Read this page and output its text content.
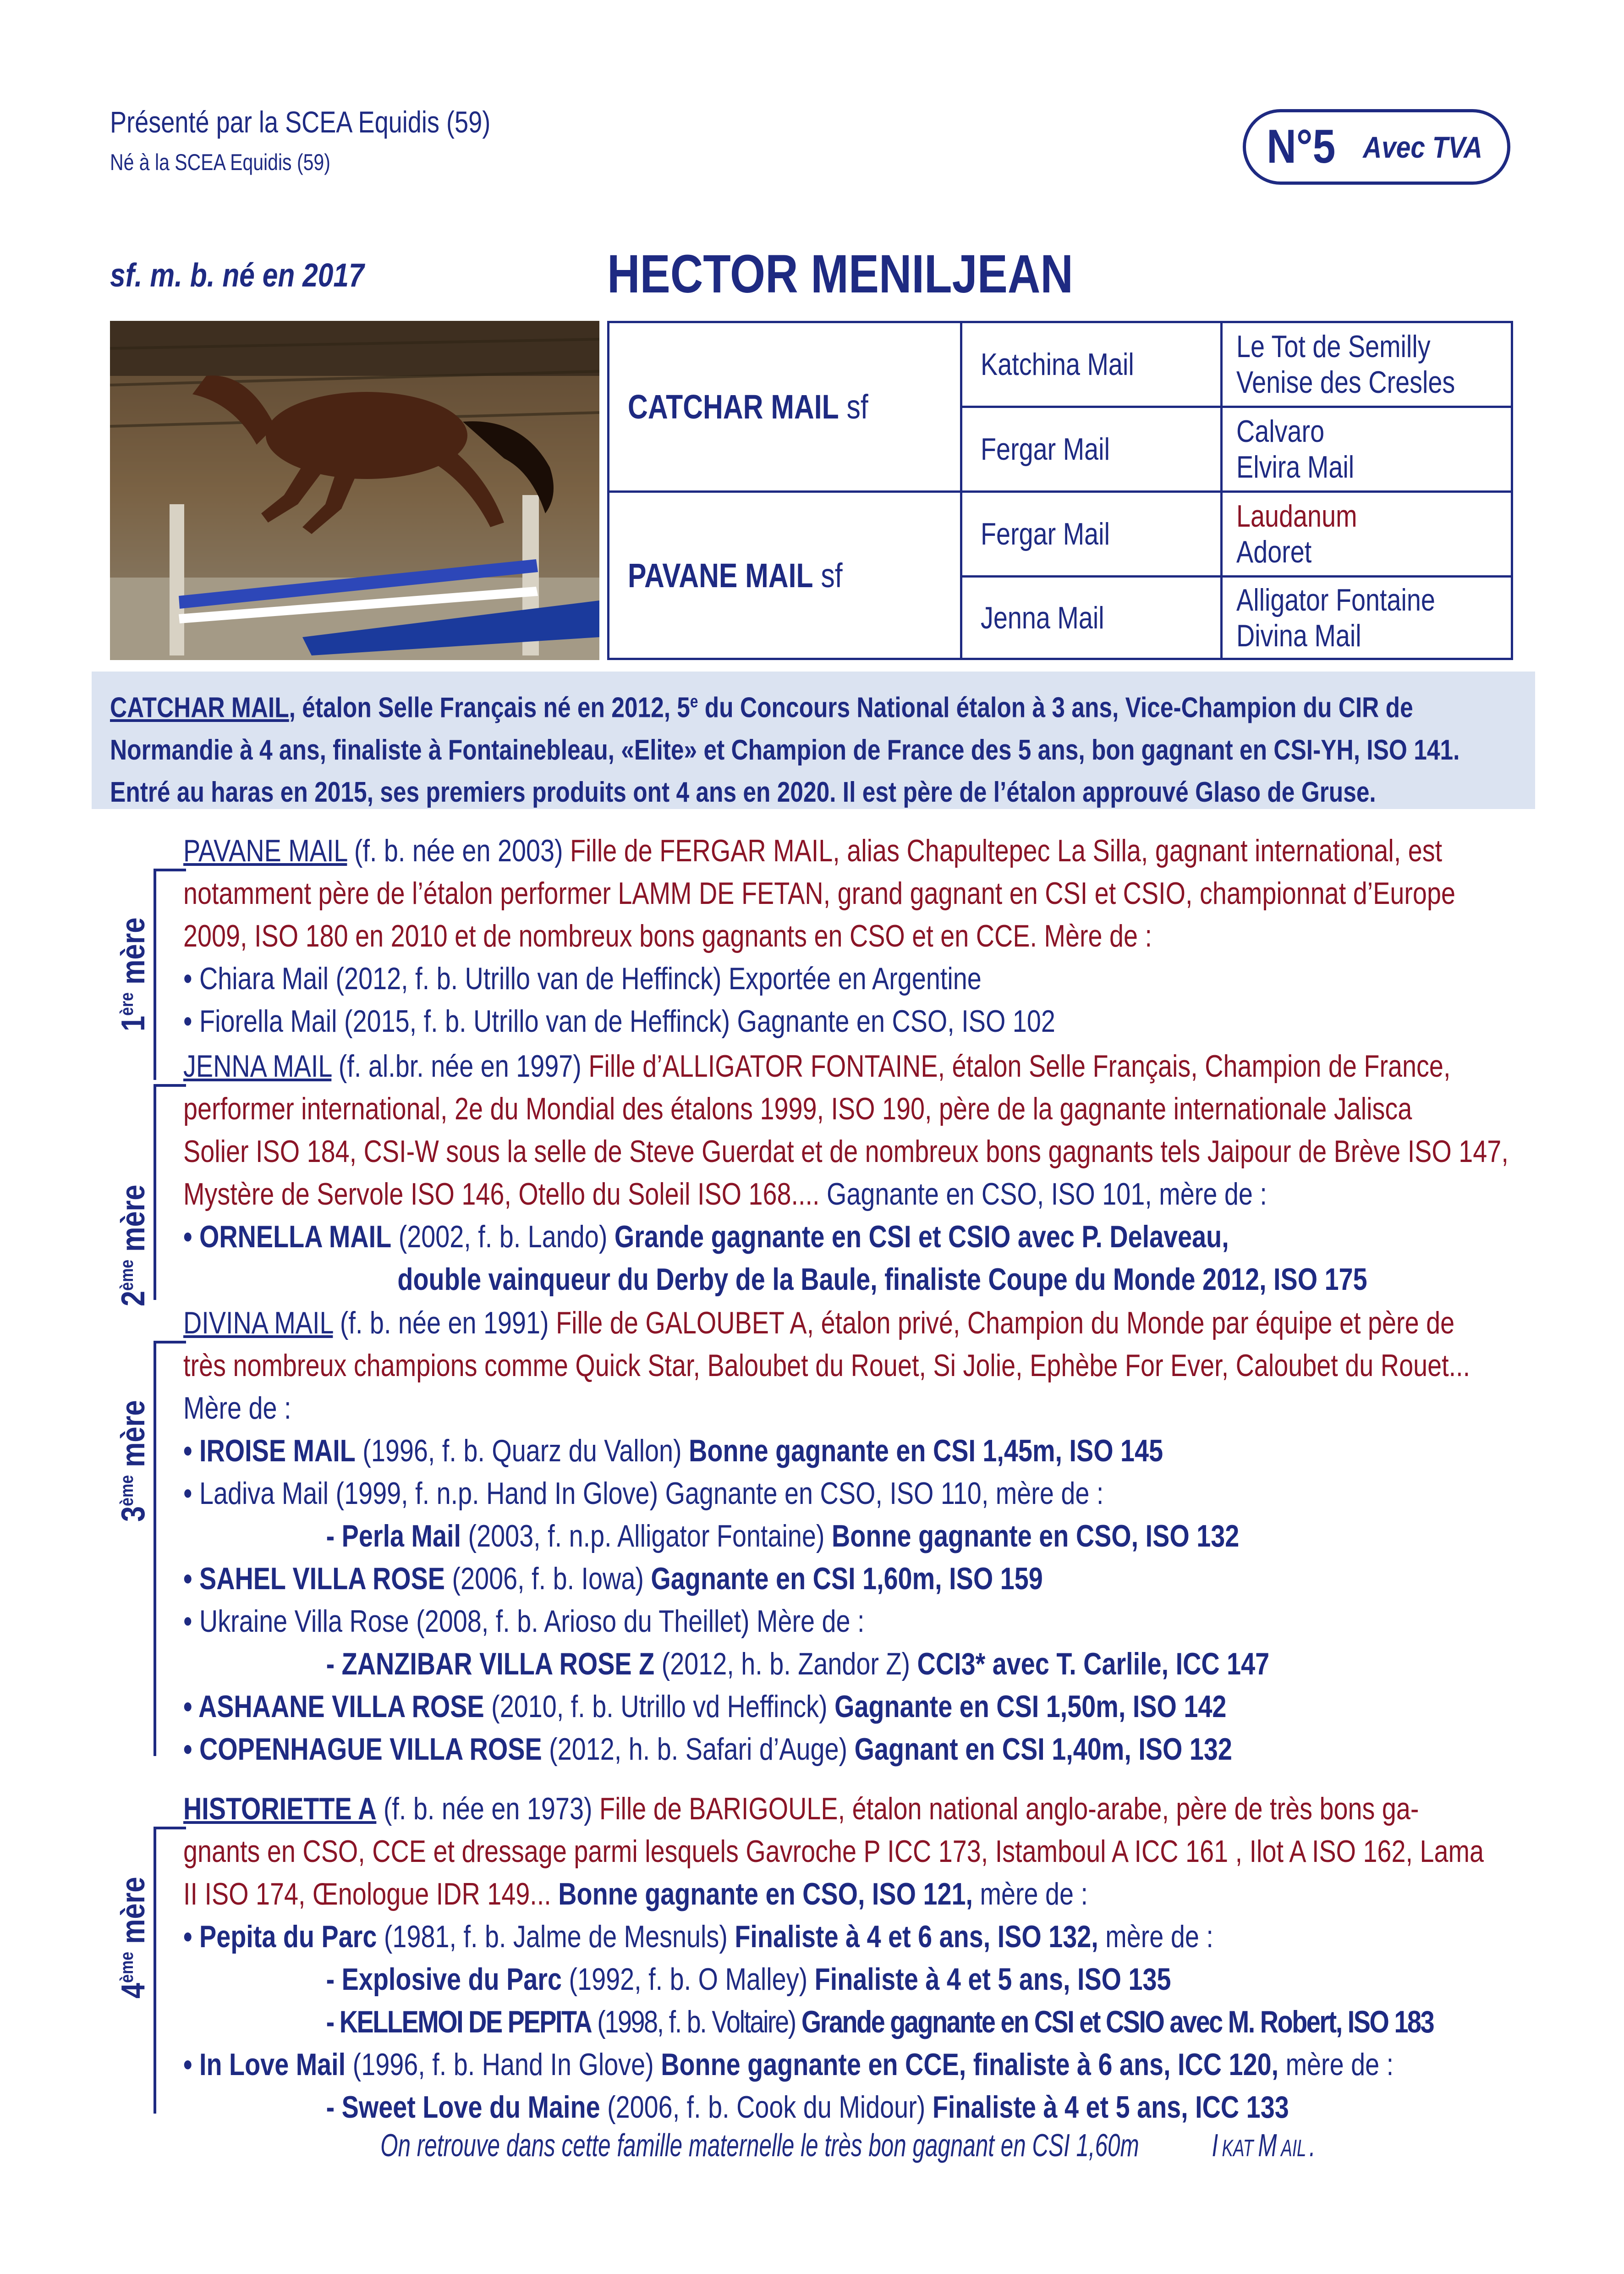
Présenté par la SCEA Equidis (59)
Né à la SCEA Equidis (59)	N°5 Avec TVA
sf. m. b. né en 2017	HECTOR MENILJEAN
CATCHAR MAIL sf
PAVANE MAIL sf
Katchina Mail
Fergar Mail
Fergar Mail
Jenna Mail
Le Tot de Semilly
Venise des Cresles
Calvaro
Elvira Mail
Laudanum
Adoret
Alligator Fontaine
Divina Mail
CATCHAR MAIL, étalon Selle Français né en 2012, 5e du Concours National étalon à 3 ans, Vice-Champion du CIR de Normandie à 4 ans, finaliste à Fontainebleau, «Elite» et Champion de France des 5 ans, bon gagnant en CSI-YH, ISO 141. Entré au haras en 2015, ses premiers produits ont 4 ans en 2020. Il est père de l’étalon approuvé Glaso de Gruse.
1ère mère
2ème mère
3ème mère
4ème mère

PAVANE MAIL (f. b. née en 2003) Fille de FERGAR MAIL, alias Chapultepec La Silla, gagnant international, est

notamment père de l’étalon performer LAMM DE FETAN, grand gagnant en CSI et CSIO, championnat d’Europe

2009, ISO 180 en 2010 et de nombreux bons gagnants en CSO et en CCE. Mère de :

• Chiara Mail (2012, f. b. Utrillo van de Heffinck) Exportée en Argentine

• Fiorella Mail (2015, f. b. Utrillo van de Heffinck) Gagnante en CSO, ISO 102

JENNA MAIL (f. al.br. née en 1997) Fille d’ALLIGATOR FONTAINE, étalon Selle Français, Champion de France,

performer international, 2e du Mondial des étalons 1999, ISO 190, père de la gagnante internationale Jalisca

Solier ISO 184, CSI-W sous la selle de Steve Guerdat et de nombreux bons gagnants tels Jaipour de Brève ISO 147,

Mystère de Servole ISO 146, Otello du Soleil ISO 168.... Gagnante en CSO, ISO 101, mère de :

• ORNELLA MAIL (2002, f. b. Lando) Grande gagnante en CSI et CSIO avec P. Delaveau,

double vainqueur du Derby de la Baule, finaliste Coupe du Monde 2012, ISO 175

DIVINA MAIL (f. b. née en 1991) Fille de GALOUBET A, étalon privé, Champion du Monde par équipe et père de

très nombreux champions comme Quick Star, Baloubet du Rouet, Si Jolie, Ephèbe For Ever, Caloubet du Rouet...

Mère de :

• IROISE MAIL (1996, f. b. Quarz du Vallon) Bonne gagnante en CSI 1,45m, ISO 145

• Ladiva Mail (1999, f. n.p. Hand In Glove) Gagnante en CSO, ISO 110, mère de :

- Perla Mail (2003, f. n.p. Alligator Fontaine) Bonne gagnante en CSO, ISO 132

• SAHEL VILLA ROSE (2006, f. b. Iowa) Gagnante en CSI 1,60m, ISO 159

• Ukraine Villa Rose (2008, f. b. Arioso du Theillet) Mère de :

- ZANZIBAR VILLA ROSE Z (2012, h. b. Zandor Z) CCI3* avec T. Carlile, ICC 147

• ASHAANE VILLA ROSE (2010, f. b. Utrillo vd Heffinck) Gagnante en CSI 1,50m, ISO 142

• COPENHAGUE VILLA ROSE (2012, h. b. Safari d’Auge) Gagnant en CSI 1,40m, ISO 132

HISTORIETTE A (f. b. née en 1973) Fille de BARIGOULE, étalon national anglo-arabe, père de très bons ga-

gnants en CSO, CCE et dressage parmi lesquels Gavroche P ICC 173, Istamboul A ICC 161 , Ilot A ISO 162, Lama

II ISO 174, Œnologue IDR 149... Bonne gagnante en CSO, ISO 121, mère de :

• Pepita du Parc (1981, f. b. Jalme de Mesnuls) Finaliste à 4 et 6 ans, ISO 132, mère de :

- Explosive du Parc (1992, f. b. O Malley) Finaliste à 4 et 5 ans, ISO 135

- KELLEMOI DE PEPITA (1998, f. b. Voltaire) Grande gagnante en CSI et CSIO avec M. Robert, ISO 183

• In Love Mail (1996, f. b. Hand In Glove) Bonne gagnante en CCE, finaliste à 6 ans, ICC 120, mère de :

- Sweet Love du Maine (2006, f. b. Cook du Midour) Finaliste à 4 et 5 ans, ICC 133

On retrouve dans cette famille maternelle le très bon gagnant en CSI 1,60mI KATM AIL.
